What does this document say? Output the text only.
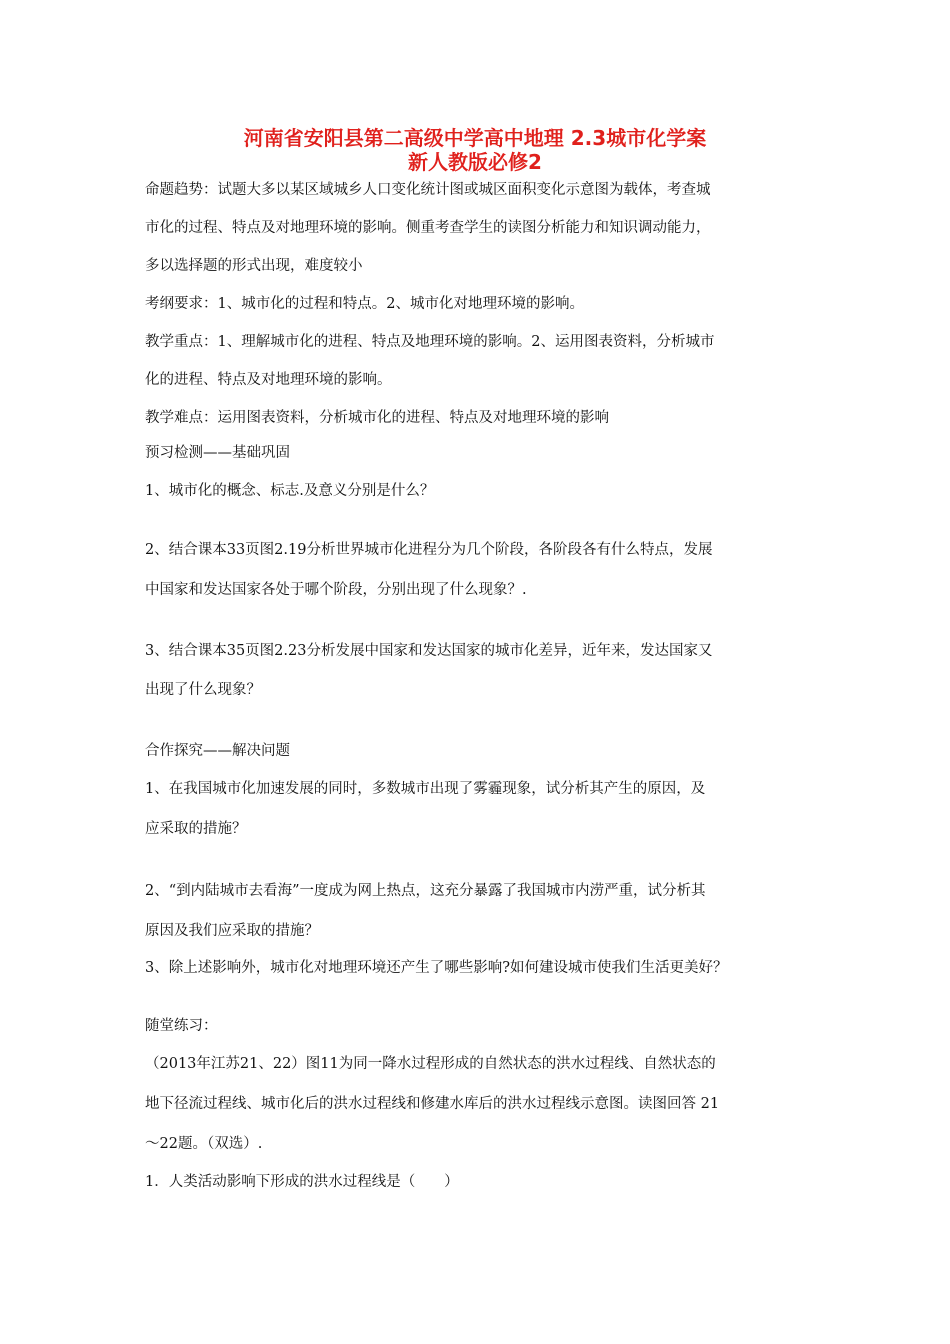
河南省安阳县第二高级中学高中地理 2.3城市化学案
新人教版必修2
命题趋势：试题大多以某区域城乡人口变化统计图或城区面积变化示意图为载体，考查城
市化的过程、特点及对地理环境的影响。侧重考查学生的读图分析能力和知识调动能力，
多以选择题的形式出现，难度较小
考纲要求：1、城市化的过程和特点。2、城市化对地理环境的影响。
教学重点：1、理解城市化的进程、特点及地理环境的影响。2、运用图表资料，分析城市
化的进程、特点及对地理环境的影响。
教学难点：运用图表资料，分析城市化的进程、特点及对地理环境的影响
预习检测——基础巩固
1、城市化的概念、标志.及意义分别是什么？
2、结合课本33页图2.19分析世界城市化进程分为几个阶段，各阶段各有什么特点，发展
中国家和发达国家各处于哪个阶段，分别出现了什么现象？.
3、结合课本35页图2.23分析发展中国家和发达国家的城市化差异，近年来，发达国家又
出现了什么现象？
合作探究——解决问题
1、在我国城市化加速发展的同时，多数城市出现了雾霾现象，试分析其产生的原因，及
应采取的措施？
2、“到内陆城市去看海”一度成为网上热点，这充分暴露了我国城市内涝严重，试分析其
原因及我们应采取的措施？
3、除上述影响外，城市化对地理环境还产生了哪些影响?如何建设城市使我们生活更美好？
随堂练习：
（2013年江苏21、22）图11为同一降水过程形成的自然状态的洪水过程线、自然状态的
地下径流过程线、城市化后的洪水过程线和修建水库后的洪水过程线示意图。读图回答 21
～22题。（双选）.
1．人类活动影响下形成的洪水过程线是（　　）
